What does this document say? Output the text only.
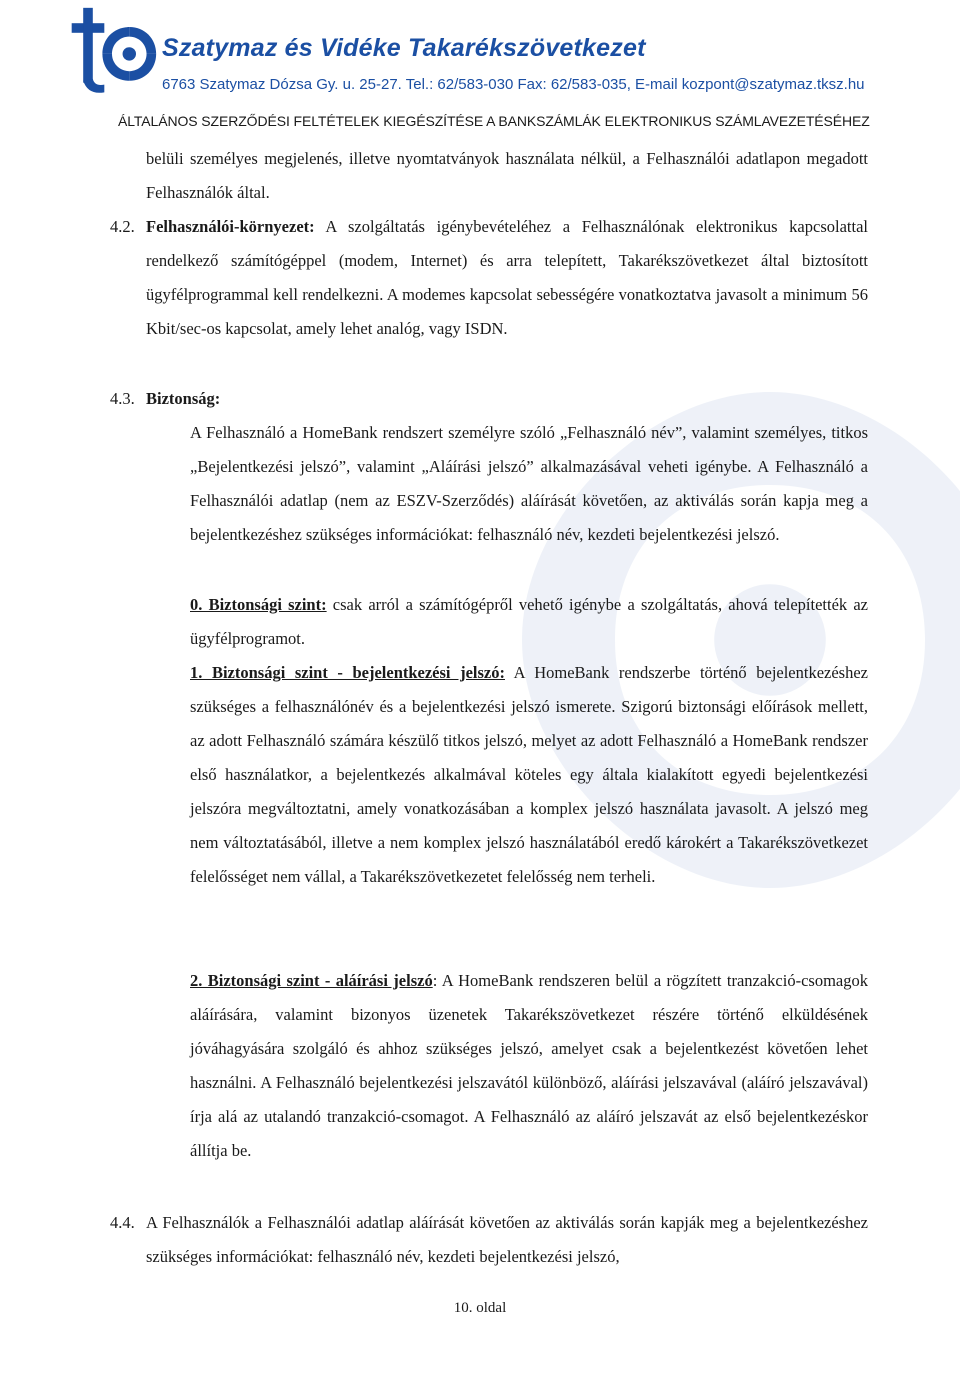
Szatymaz és Vidéke Takarékszövetkezet
6763 Szatymaz Dózsa Gy. u. 25-27. Tel.: 62/583-030 Fax: 62/583-035, E-mail kozpont@szatymaz.tksz.hu
ÁLTALÁNOS SZERZŐDÉSI FELTÉTELEK KIEGÉSZÍTÉSE A BANKSZÁMLÁK ELEKTRONIKUS SZÁMLAVEZETÉSÉHEZ
belüli személyes megjelenés, illetve nyomtatványok használata nélkül, a Felhasználói adatlapon megadott Felhasználók által.
4.2. Felhasználói-környezet: A szolgáltatás igénybevételéhez a Felhasználónak elektronikus kapcsolattal rendelkező számítógéppel (modem, Internet) és arra telepített, Takarékszövetkezet által biztosított ügyfélprogrammal kell rendelkezni. A modemes kapcsolat sebességére vonatkoztatva javasolt a minimum 56 Kbit/sec-os kapcsolat, amely lehet analóg, vagy ISDN.
4.3. Biztonság:
A Felhasználó a HomeBank rendszert személyre szóló „Felhasználó név”, valamint személyes, titkos „Bejelentkezési jelszó”, valamint „Aláírási jelszó” alkalmazásával veheti igénybe. A Felhasználó a Felhasználói adatlap (nem az ESZV-Szerződés) aláírását követően, az aktiválás során kapja meg a bejelentkezéshez szükséges információkat: felhasználó név, kezdeti bejelentkezési jelszó.
0. Biztonsági szint: csak arról a számítógépről vehető igénybe a szolgáltatás, ahová telepítették az ügyfélprogramot.
1. Biztonsági szint - bejelentkezési jelszó: A HomeBank rendszerbe történő bejelentkezéshez szükséges a felhasználónév és a bejelentkezési jelszó ismerete. Szigorú biztonsági előírások mellett, az adott Felhasználó számára készülő titkos jelszó, melyet az adott Felhasználó a HomeBank rendszer első használatkor, a bejelentkezés alkalmával köteles egy általa kialakított egyedi bejelentkezési jelszóra megváltoztatni, amely vonatkozásában a komplex jelszó használata javasolt. A jelszó meg nem változtatásából, illetve a nem komplex jelszó használatából eredő károkért a Takarékszövetkezet felelősséget nem vállal, a Takarékszövetkezetet felelősség nem terheli.
2. Biztonsági szint - aláírási jelszó: A HomeBank rendszeren belül a rögzített tranzakció-csomagok aláírására, valamint bizonyos üzenetek Takarékszövetkezet részére történő elküldésének jóváhagyására szolgáló és ahhoz szükséges jelszó, amelyet csak a bejelentkezést követően lehet használni. A Felhasználó bejelentkezési jelszavától különböző, aláírási jelszavával (aláíró jelszavával) írja alá az utalandó tranzakció-csomagot. A Felhasználó az aláíró jelszavát az első bejelentkezéskor állítja be.
4.4. A Felhasználók a Felhasználói adatlap aláírását követően az aktiválás során kapják meg a bejelentkezéshez szükséges információkat: felhasználó név, kezdeti bejelentkezési jelszó,
10. oldal
